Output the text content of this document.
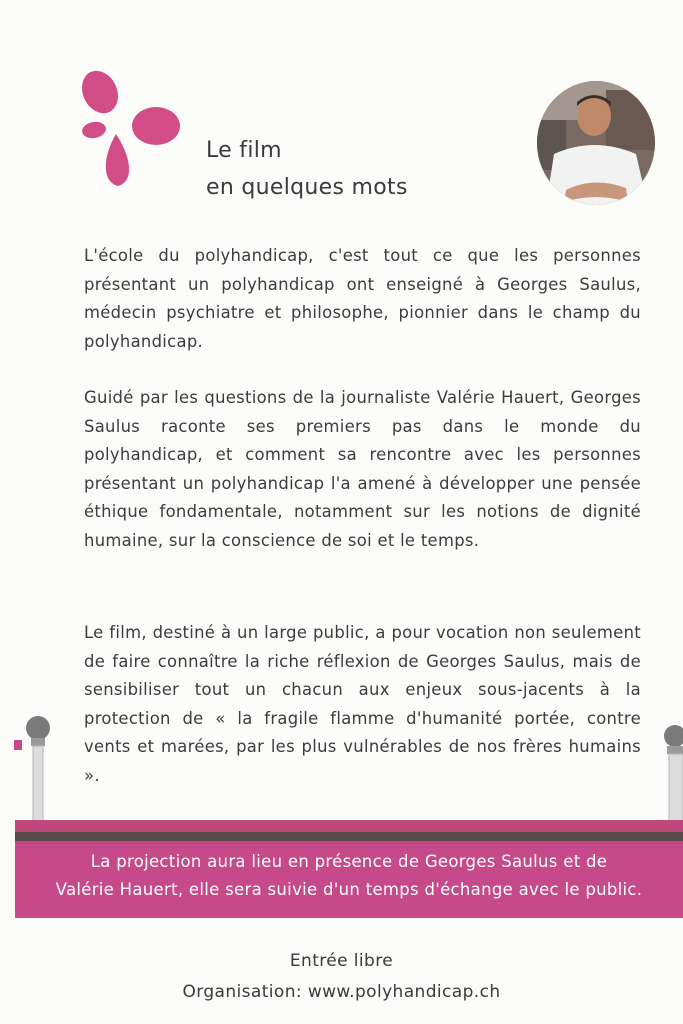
Le film
en quelques mots
L'école du polyhandicap, c'est tout ce que les personnes présentant un polyhandicap ont enseigné à Georges Saulus, médecin psychiatre et philosophe, pionnier dans le champ du polyhandicap.
Guidé par les questions de la journaliste Valérie Hauert, Georges Saulus raconte ses premiers pas dans le monde du polyhandicap, et comment sa rencontre avec les personnes présentant un polyhandicap l'a amené à développer une pensée éthique fondamentale, notamment sur les notions de dignité humaine, sur la conscience de soi et le temps.
Le film, destiné à un large public, a pour vocation non seulement de faire connaître la riche réflexion de Georges Saulus, mais de sensibiliser tout un chacun aux enjeux sous-jacents à la protection de « la fragile flamme d'humanité portée, contre vents et marées, par les plus vulnérables de nos frères humains ».
La projection aura lieu en présence de Georges Saulus et de
Valérie Hauert, elle sera suivie d'un temps d'échange avec le public.
Entrée libre
Organisation: www.polyhandicap.ch
